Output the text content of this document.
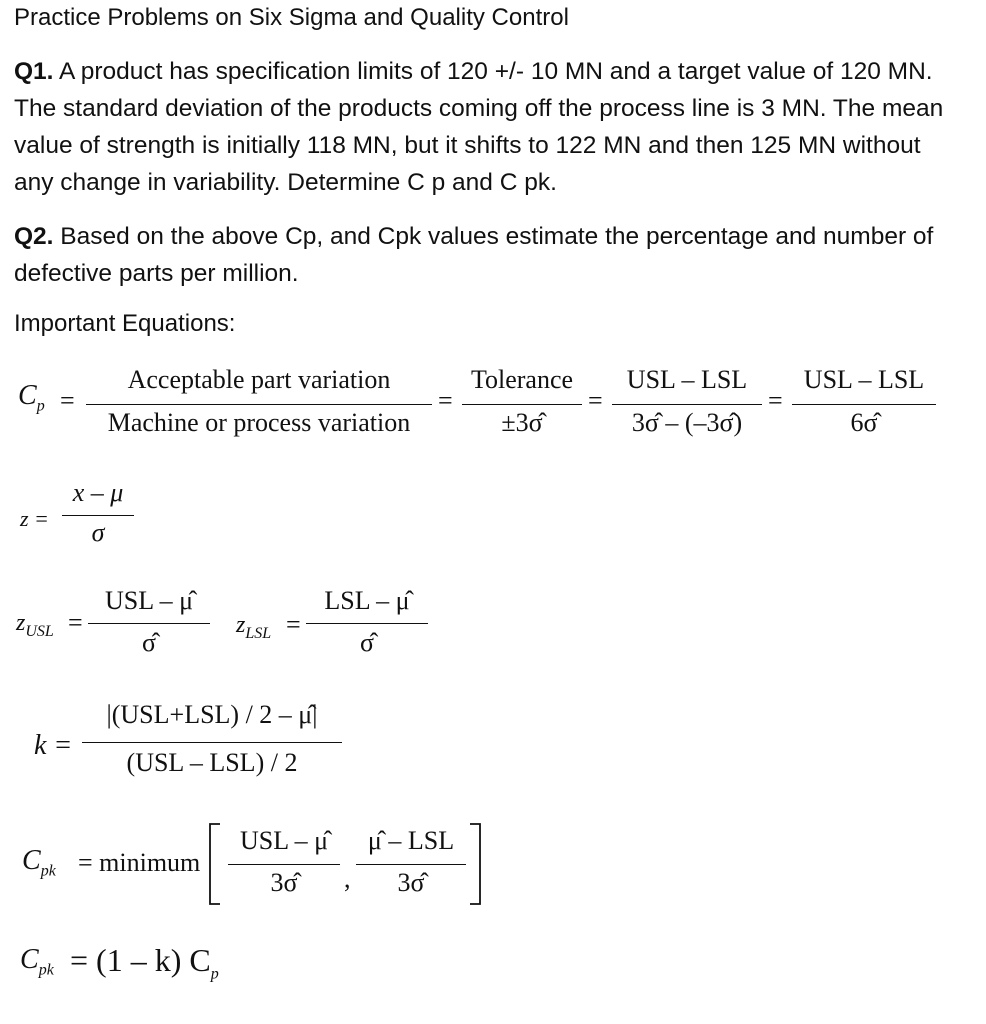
Practice Problems on Six Sigma and Quality Control
Q1. A product has specification limits of 120 +/- 10 MN and a target value of 120 MN. The standard deviation of the products coming off the process line is 3 MN. The mean value of strength is initially 118 MN, but it shifts to 122 MN and then 125 MN without any change in variability. Determine C p and C pk.
Q2. Based on the above Cp, and Cpk values estimate the percentage and number of defective parts per million.
Important Equations:
$C_p$ =
Acceptable part variation
Machine or process variation
=
Tolerance
±3σ̂
=
USL – LSL
3σ̂ – (–3σ̂)
=
USL – LSL
6σ̂
z =
x – μ
σ
$z_{USL}$ =
USL – μ̂
σ̂
$z_{LSL}$ =
LSL – μ̂
σ̂
k =
|(USL+LSL) / 2 – μ̂|
(USL – LSL) / 2
$C_{pk}$ = minimum
USL – μ̂
3σ̂	,
μ̂ – LSL
3σ̂
$C_{pk} = (1 - k)$ $C_p$
